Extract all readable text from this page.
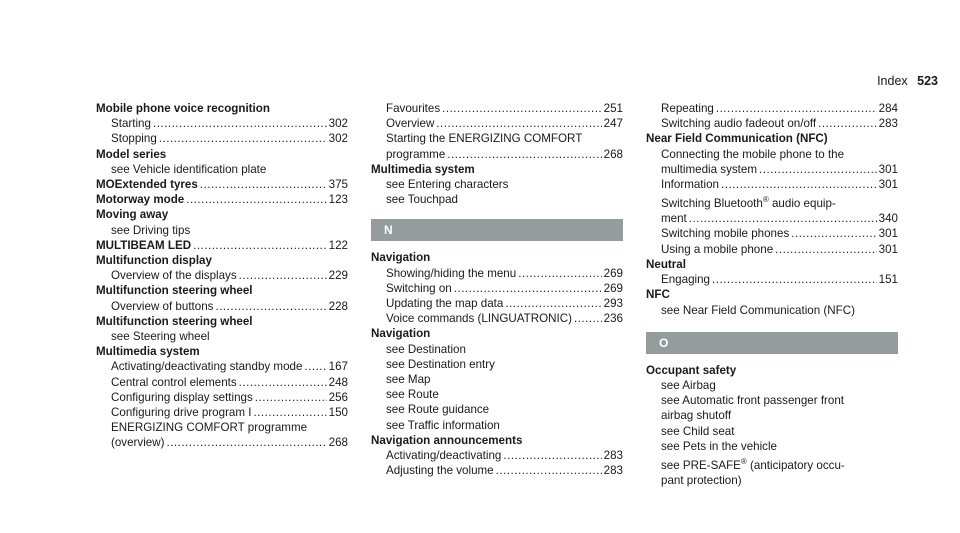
Index 523
Mobile phone voice recognition
Starting .....	302
Stopping .....	302
Model series
see Vehicle identification plate
MOExtended tyres .....	375
Motorway mode .....	123
Moving away
see Driving tips
MULTIBEAM LED .....	122
Multifunction display
Overview of the displays .....	229
Multifunction steering wheel
Overview of buttons .....	228
Multifunction steering wheel
see Steering wheel
Multimedia system
Activating/deactivating standby mode ..... 167
Central control elements .....	248
Configuring display settings .....	256
Configuring drive program I .....	150
ENERGIZING COMFORT programme
(overview) .....	268
Favourites .....	251
Overview .....	247
Starting the ENERGIZING COMFORT
programme .....	268
Multimedia system
see Entering characters
see Touchpad
N
Navigation
Showing/hiding the menu .....	269
Switching on .....	269
Updating the map data .....	293
Voice commands (LINGUATRONIC) .....	236
Navigation
see Destination
see Destination entry
see Map
see Route
see Route guidance
see Traffic information
Navigation announcements
Activating/deactivating .....	283
Adjusting the volume .....	283
Repeating .....	284
Switching audio fadeout on/off .....	283
Near Field Communication (NFC)
Connecting the mobile phone to the
multimedia system .....	301
Information .....	301
Switching Bluetooth® audio equip-
ment .....	340
Switching mobile phones .....	301
Using a mobile phone .....	301
Neutral
Engaging .....	151
NFC
see Near Field Communication (NFC)
O
Occupant safety
see Airbag
see Automatic front passenger front
airbag shutoff
see Child seat
see Pets in the vehicle
see PRE-SAFE® (anticipatory occu-
pant protection)
